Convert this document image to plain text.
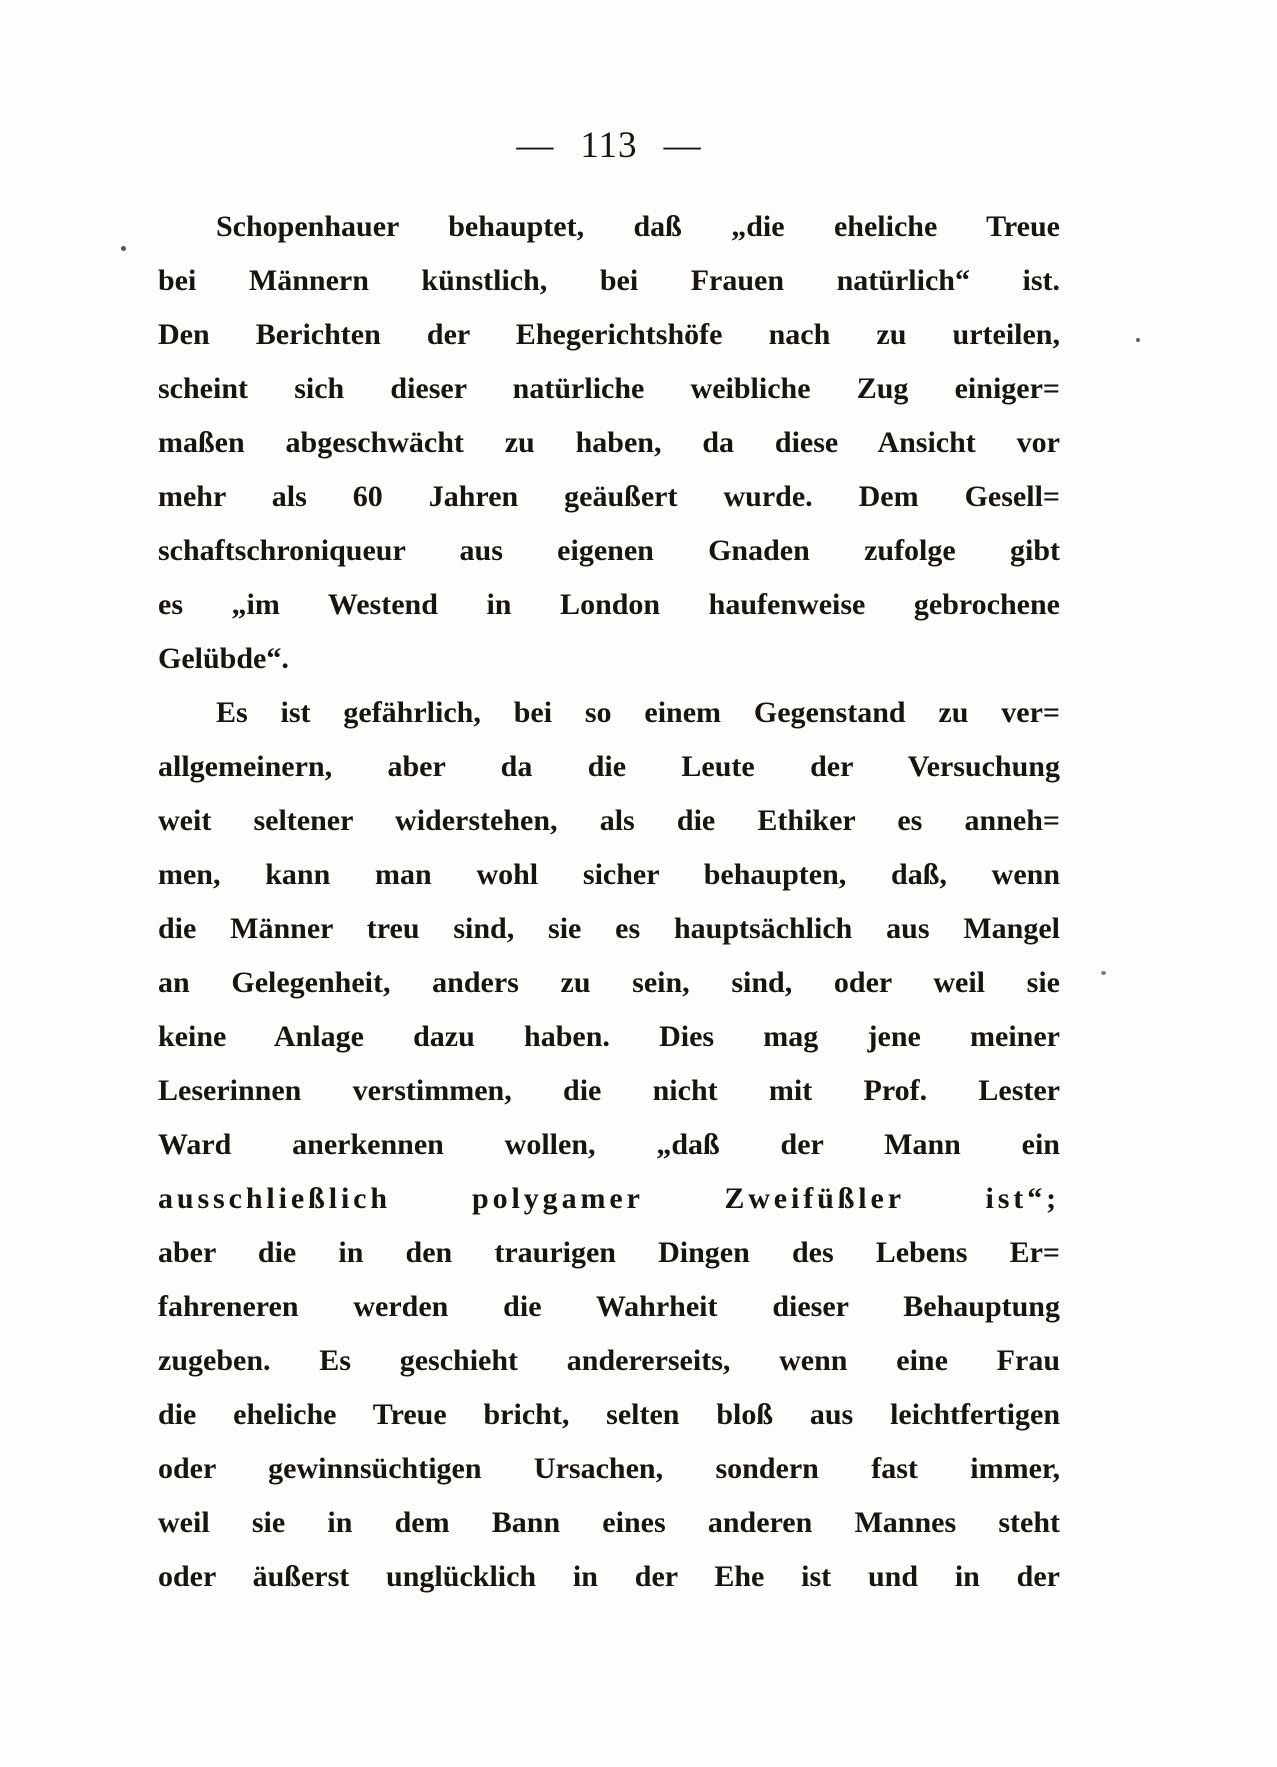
— 113 —
Schopenhauer behauptet, daß „die eheliche Treue
bei Männern künstlich, bei Frauen natürlich“ ist.
Den Berichten der Ehegerichtshöfe nach zu urteilen,
scheint sich dieser natürliche weibliche Zug einiger=
maßen abgeschwächt zu haben, da diese Ansicht vor
mehr als 60 Jahren geäußert wurde. Dem Gesell=
schaftschroniqueur aus eigenen Gnaden zufolge gibt
es „im Westend in London haufenweise gebrochene
Gelübde“.
Es ist gefährlich, bei so einem Gegenstand zu ver=
allgemeinern, aber da die Leute der Versuchung
weit seltener widerstehen, als die Ethiker es anneh=
men, kann man wohl sicher behaupten, daß, wenn
die Männer treu sind, sie es hauptsächlich aus Mangel
an Gelegenheit, anders zu sein, sind, oder weil sie
keine Anlage dazu haben. Dies mag jene meiner
Leserinnen verstimmen, die nicht mit Prof. Lester
Ward anerkennen wollen, „daß der Mann ein
ausschließlich polygamer Zweifüßler ist“;
aber die in den traurigen Dingen des Lebens Er=
fahreneren werden die Wahrheit dieser Behauptung
zugeben. Es geschieht andererseits, wenn eine Frau
die eheliche Treue bricht, selten bloß aus leichtfertigen
oder gewinnsüchtigen Ursachen, sondern fast immer,
weil sie in dem Bann eines anderen Mannes steht
oder äußerst unglücklich in der Ehe ist und in der
